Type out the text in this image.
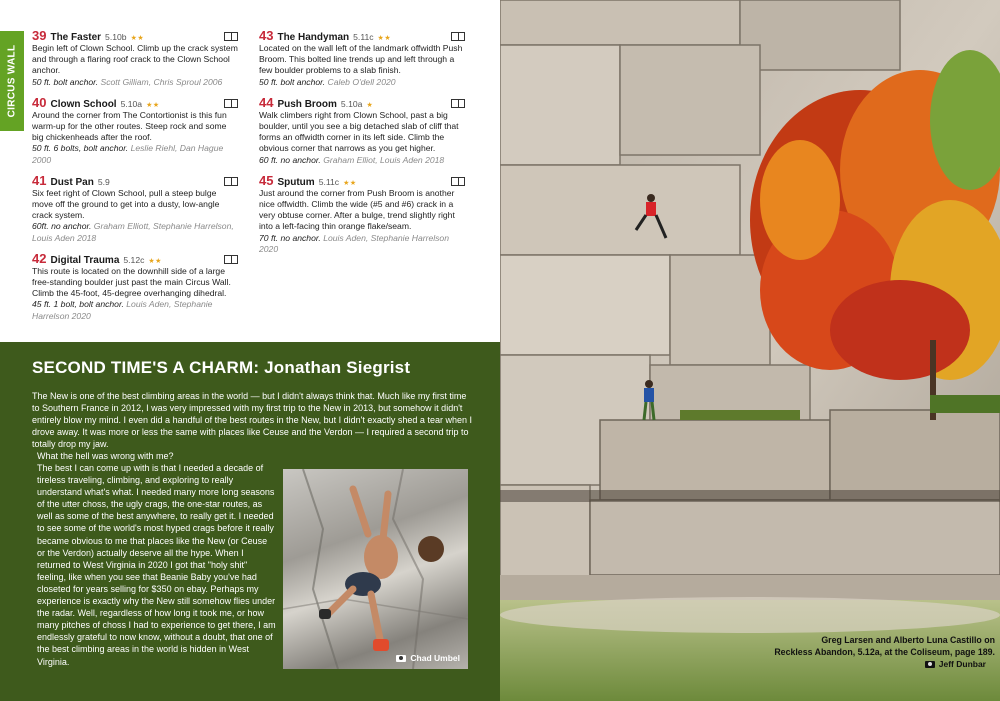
CIRCUS WALL
39 The Faster 5.10b ★★
Begin left of Clown School. Climb up the crack system and through a flaring roof crack to the Clown School anchor.
50 ft. bolt anchor. Scott Gilliam, Chris Sproul 2006
40 Clown School 5.10a ★★
Around the corner from The Contortionist is this fun warm-up for the other routes. Steep rock and some big chickenheads after the roof.
50 ft. 6 bolts, bolt anchor. Leslie Riehl, Dan Hague 2000
41 Dust Pan 5.9
Six feet right of Clown School, pull a steep bulge move off the ground to get into a dusty, low-angle crack system.
60ft. no anchor. Graham Elliott, Stephanie Harrelson, Louis Aden 2018
42 Digital Trauma 5.12c ★★
This route is located on the downhill side of a large free-standing boulder just past the main Circus Wall. Climb the 45-foot, 45-degree overhanging dihedral.
45 ft. 1 bolt, bolt anchor. Louis Aden, Stephanie Harrelson 2020
43 The Handyman 5.11c ★★
Located on the wall left of the landmark offwidth Push Broom. This bolted line trends up and left through a few boulder problems to a slab finish.
50 ft. bolt anchor. Caleb O'dell 2020
44 Push Broom 5.10a ★
Walk climbers right from Clown School, past a big boulder, until you see a big detached slab of cliff that forms an offwidth corner in its left side. Climb the obvious corner that narrows as you get higher.
60 ft. no anchor. Graham Elliot, Louis Aden 2018
45 Sputum 5.11c ★★
Just around the corner from Push Broom is another nice offwidth. Climb the wide (#5 and #6) crack in a very obtuse corner. After a bulge, trend slightly right into a left-facing thin orange flake/seam.
70 ft. no anchor. Louis Aden, Stephanie Harrelson 2020
SECOND TIME'S A CHARM: Jonathan Siegrist

The New is one of the best climbing areas in the world — but I didn't always think that. Much like my first time to Southern France in 2012, I was very impressed with my first trip to the New in 2013, but somehow it didn't entirely blow my mind. I even did a handful of the best routes in the New, but I didn't exactly shed a tear when I drove away. It was more or less the same with places like Ceuse and the Verdon — I required a second trip to totally drop my jaw.

What the hell was wrong with me?

The best I can come up with is that I needed a decade of tireless traveling, climbing, and exploring to really understand what's what. I needed many more long seasons of the utter choss, the ugly crags, the one-star routes, as well as some of the best anywhere, to really get it. I needed to see some of the world's most hyped crags before it really became obvious to me that places like the New (or Ceuse or the Verdon) actually deserve all the hype. When I returned to West Virginia in 2020 I got that "holy shit" feeling, like when you see that Beanie Baby you've had closeted for years selling for $350 on ebay. Perhaps my experience is exactly why the New still somehow flies under the radar. Well, regardless of how long it took me, or how many pitches of choss I had to experience to get there, I am endlessly grateful to now know, without a doubt, that one of the best climbing areas in the world is hidden in West Virginia.	Chad Umbel
Greg Larsen and Alberto Luna Castillo on
Reckless Abandon, 5.12a, at the Coliseum, page 189.
Jeff Dunbar
